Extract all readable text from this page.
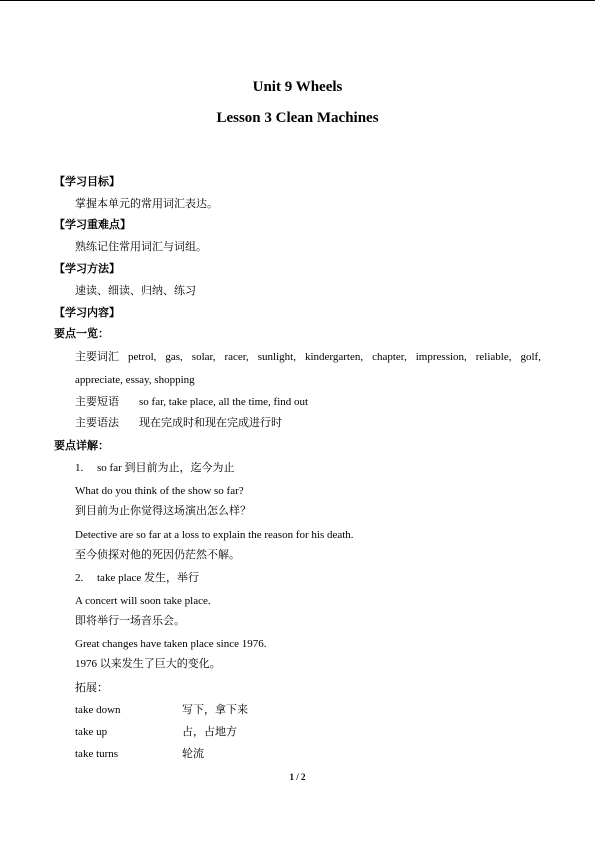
Unit 9 Wheels
Lesson 3 Clean Machines
【学习目标】
掌握本单元的常用词汇表达。
【学习重难点】
熟练记住常用词汇与词组。
【学习方法】
速读、细读、归纳、练习
【学习内容】
要点一览：
主要词汇 petrol, gas, solar, racer, sunlight, kindergarten, chapter, impression, reliable, golf,
appreciate, essay, shopping
主要短语 so far, take place, all the time, find out
主要语法 现在完成时和现在完成进行时
要点详解：
1. so far 到目前为止，迄今为止
What do you think of the show so far?
到目前为止你觉得这场演出怎么样？
Detective are so far at a loss to explain the reason for his death.
至今侦探对他的死因仍茫然不解。
2. take place 发生，举行
A concert will soon take place.
即将举行一场音乐会。
Great changes have taken place since 1976.
1976 以来发生了巨大的变化。
拓展：
take down	写下，拿下来
take up	占，占地方
take turns	轮流
1 / 2
